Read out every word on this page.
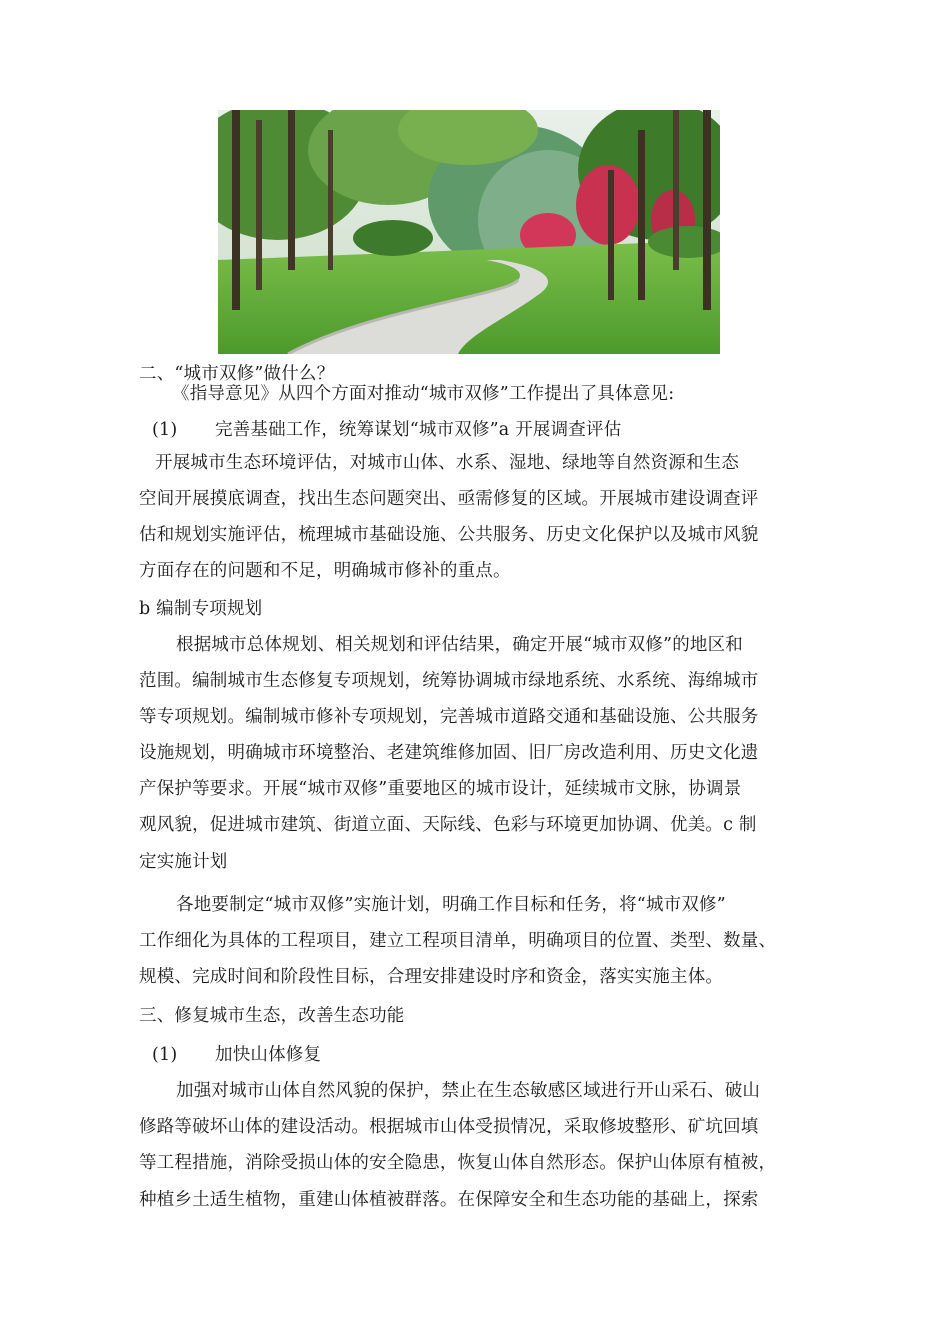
二、“城市双修”做什么？
《指导意见》从四个方面对推动“城市双修”工作提出了具体意见:
(1) 完善基础工作，统筹谋划“城市双修”a 开展调查评估
开展城市生态环境评估，对城市山体、水系、湿地、绿地等自然资源和生态
空间开展摸底调查，找出生态问题突出、亟需修复的区域。开展城市建设调查评
估和规划实施评估，梳理城市基础设施、公共服务、历史文化保护以及城市风貌
方面存在的问题和不足，明确城市修补的重点。
b 编制专项规划
根据城市总体规划、相关规划和评估结果，确定开展“城市双修”的地区和
范围。编制城市生态修复专项规划，统筹协调城市绿地系统、水系统、海绵城市
等专项规划。编制城市修补专项规划，完善城市道路交通和基础设施、公共服务
设施规划，明确城市环境整治、老建筑维修加固、旧厂房改造利用、历史文化遗
产保护等要求。开展“城市双修”重要地区的城市设计，延续城市文脉，协调景
观风貌，促进城市建筑、街道立面、天际线、色彩与环境更加协调、优美。c 制
定实施计划
各地要制定“城市双修”实施计划，明确工作目标和任务，将“城市双修”
工作细化为具体的工程项目，建立工程项目清单，明确项目的位置、类型、数量、
规模、完成时间和阶段性目标，合理安排建设时序和资金，落实实施主体。
三、修复城市生态，改善生态功能
(1) 加快山体修复
加强对城市山体自然风貌的保护，禁止在生态敏感区域进行开山采石、破山
修路等破坏山体的建设活动。根据城市山体受损情况，采取修坡整形、矿坑回填
等工程措施，消除受损山体的安全隐患，恢复山体自然形态。保护山体原有植被，
种植乡土适生植物，重建山体植被群落。在保障安全和生态功能的基础上，探索
